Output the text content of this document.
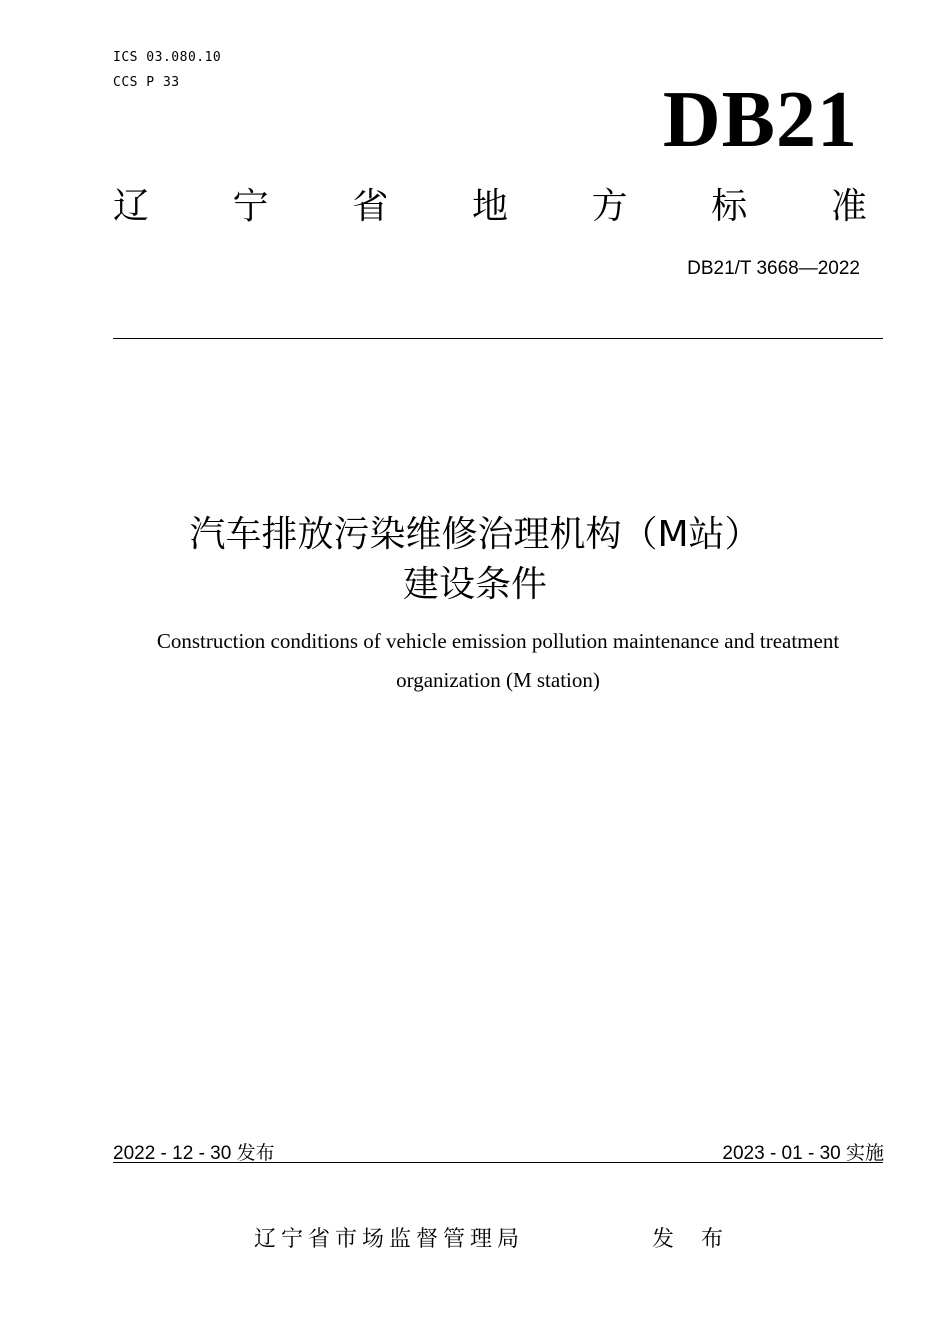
ICS 03.080.10
CCS P 33	DB21
辽 宁 省 地 方 标 准
DB21/T 3668—2022
汽车排放污染维修治理机构（M站）
建设条件
Construction conditions of vehicle emission pollution maintenance and treatment organization (M station)
2022 - 12 - 30 发布	2023 - 01 - 30 实施
辽宁省市场监督管理局	发 布
